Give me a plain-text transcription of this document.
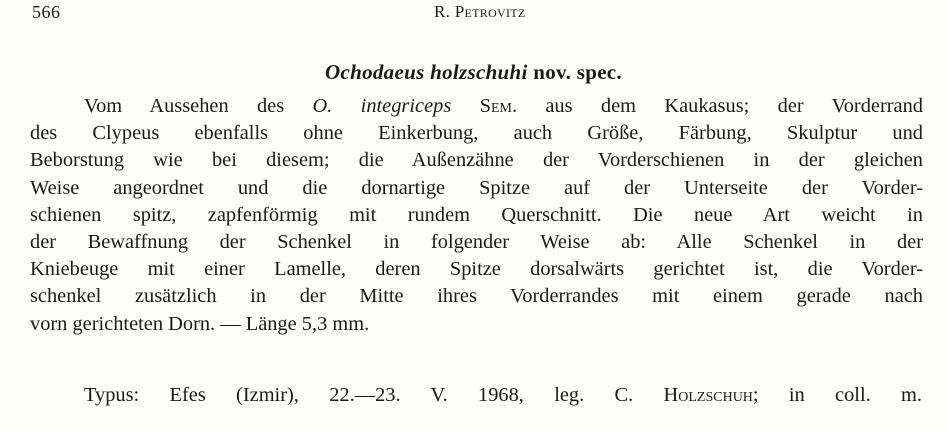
566	R. Petrovitz
Ochodaeus holzschuhi nov. spec.
Vom Aussehen des O. integriceps Sem. aus dem Kaukasus; der Vorderrand
des Clypeus ebenfalls ohne Einkerbung, auch Größe, Färbung, Skulptur und
Beborstung wie bei diesem; die Außenzähne der Vorderschienen in der gleichen
Weise angeordnet und die dornartige Spitze auf der Unterseite der Vorder-
schienen spitz, zapfenförmig mit rundem Querschnitt. Die neue Art weicht in
der Bewaffnung der Schenkel in folgender Weise ab: Alle Schenkel in der
Kniebeuge mit einer Lamelle, deren Spitze dorsalwärts gerichtet ist, die Vorder-
schenkel zusätzlich in der Mitte ihres Vorderrandes mit einem gerade nach
vorn gerichteten Dorn. — Länge 5,3 mm.
Typus: Efes (Izmir), 22.—23. V. 1968, leg. C. Holzschuh; in coll. m.
